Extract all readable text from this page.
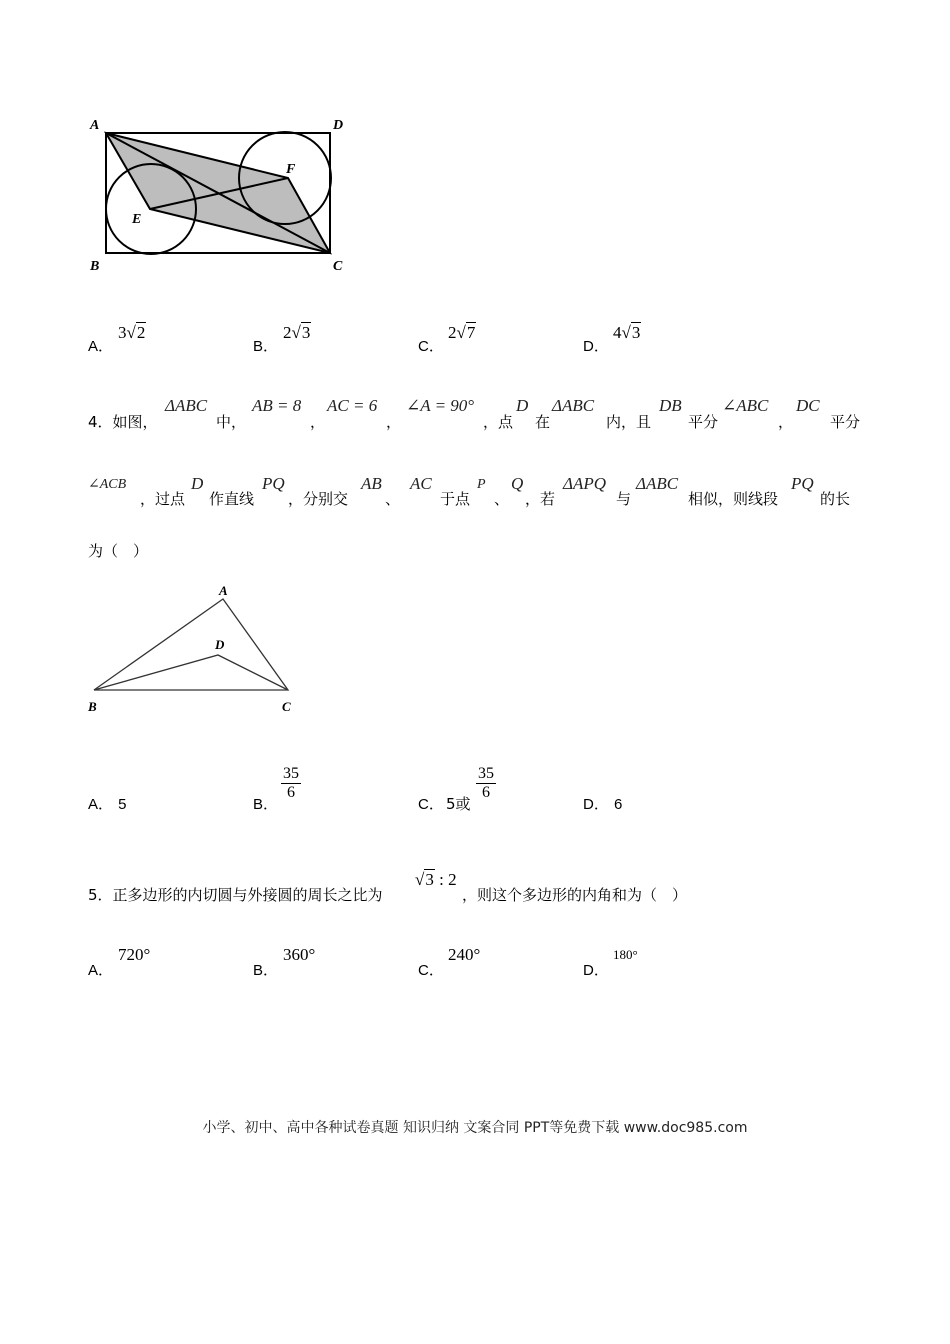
A	D
B	C
E
F
A．
3√2
B．
2√3
C．
2√7
D．
4√3
4．如图，
ΔABC
中，
AB = 8
，
AC = 6
，
∠A = 90°
，点
D
在
ΔABC
内，且
DB
平分
∠ABC
，
DC
平分
∠ACB
，过点
D
作直线
PQ
，分别交
AB
、
AC
于点
P
、
Q
，若
ΔAPQ
与
ΔABC
相似，则线段
PQ
的长
为（　）
A
D
B	C
A． 5	B．
$\frac{35}{6}$
C． 5或
$\frac{35}{6}$
D． 6
5．正多边形的内切圆与外接圆的周长之比为
√3 : 2
，则这个多边形的内角和为（　）
A．
720°
B．
360°
C．
240°
D．
180°
小学、初中、高中各种试卷真题 知识归纳 文案合同 PPT等免费下载 www.doc985.com
